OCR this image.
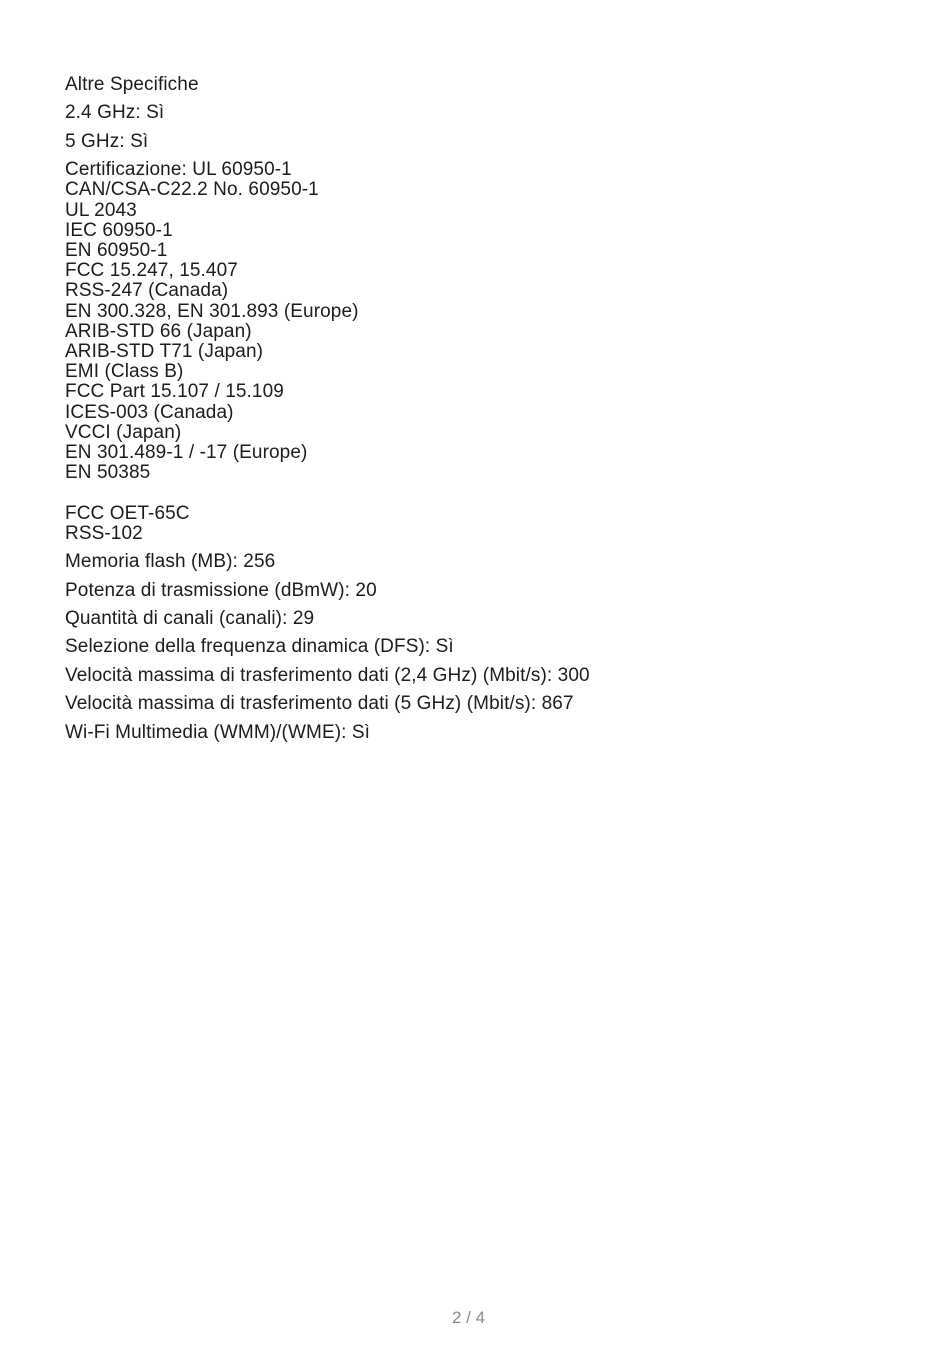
Altre Specifiche

2.4 GHz: Sì

5 GHz: Sì

Certificazione: UL 60950-1
CAN/CSA-C22.2 No. 60950-1
UL 2043
IEC 60950-1
EN 60950-1
FCC 15.247, 15.407
RSS-247 (Canada)
EN 300.328, EN 301.893 (Europe)
ARIB-STD 66 (Japan)
ARIB-STD T71 (Japan)
EMI (Class B)
FCC Part 15.107 / 15.109
ICES-003 (Canada)
VCCI (Japan)
EN 301.489-1 / -17 (Europe)
EN 50385

FCC OET-65C
RSS-102

Memoria flash (MB): 256

Potenza di trasmissione (dBmW): 20

Quantità di canali (canali): 29

Selezione della frequenza dinamica (DFS): Sì

Velocità massima di trasferimento dati (2,4 GHz) (Mbit/s): 300

Velocità massima di trasferimento dati (5 GHz) (Mbit/s): 867

Wi-Fi Multimedia (WMM)/(WME): Sì

2 / 4
